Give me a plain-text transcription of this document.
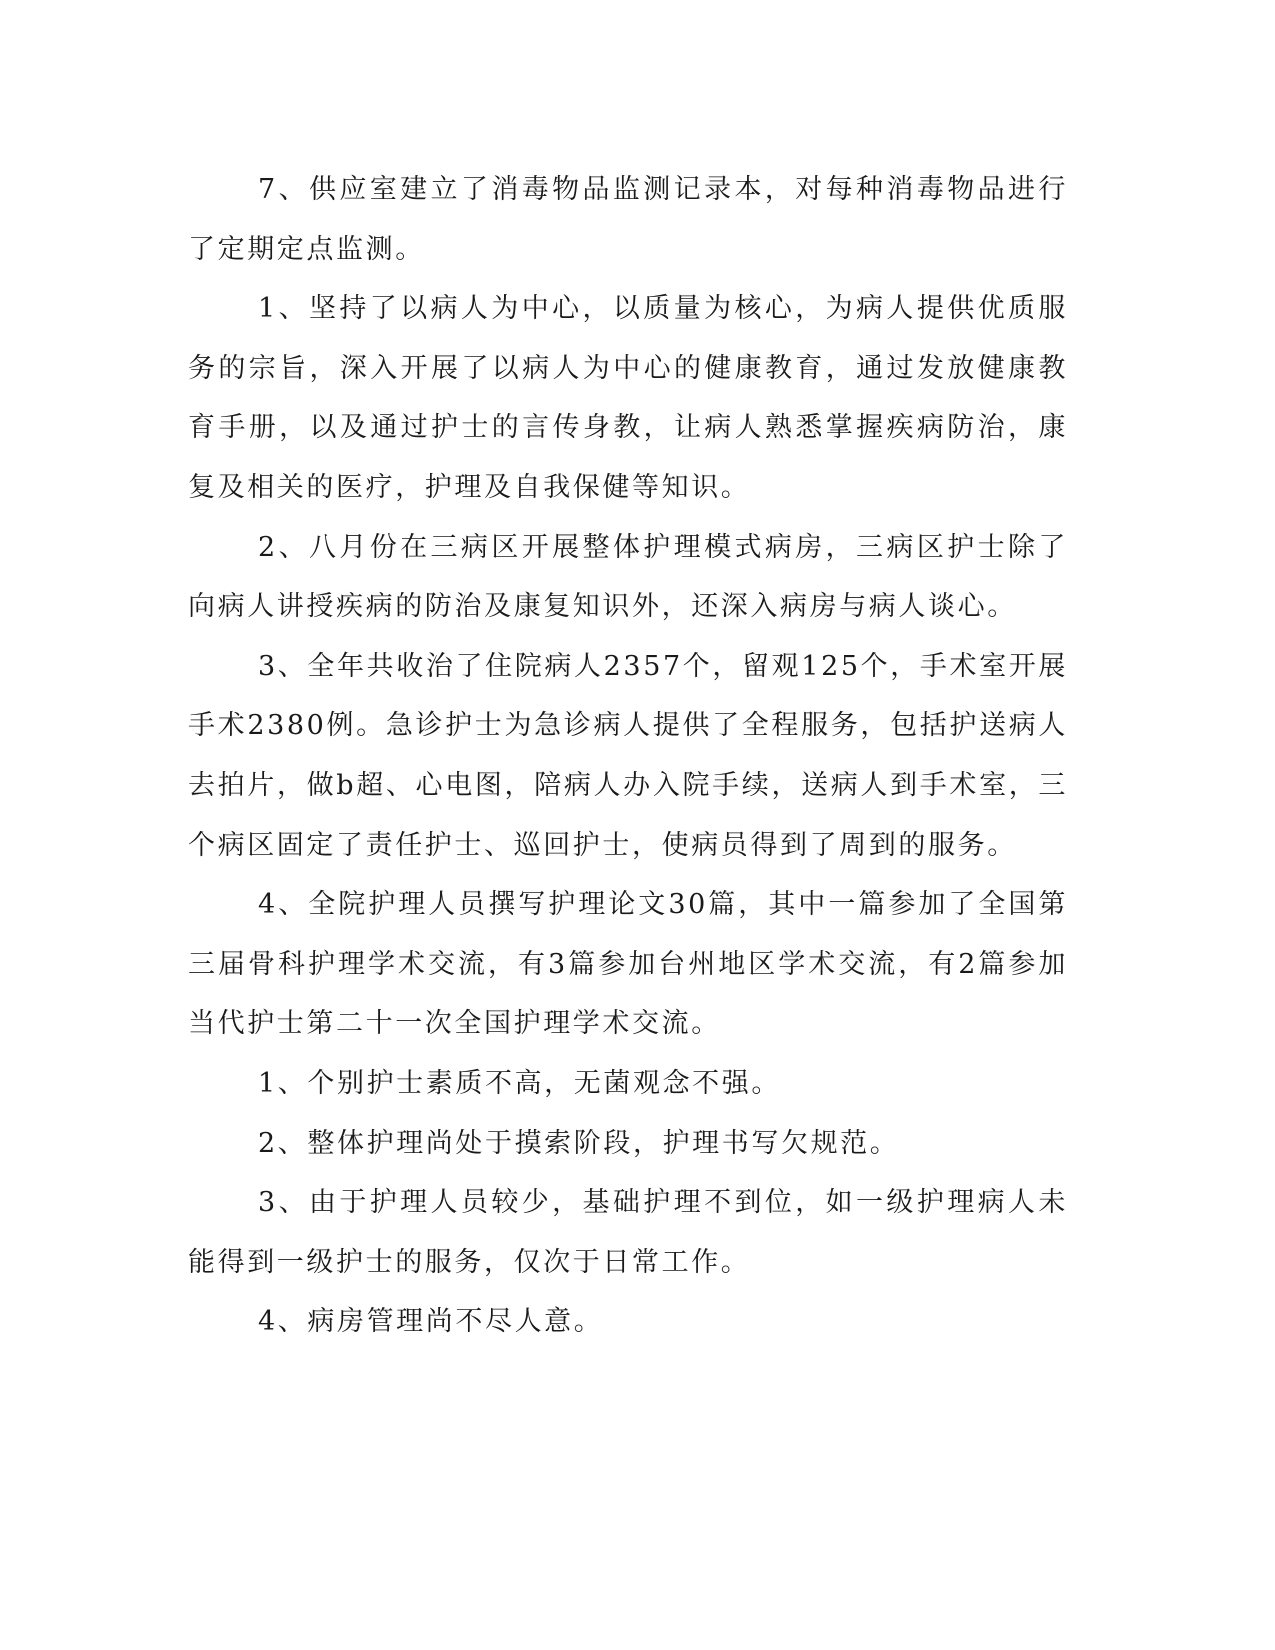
7、供应室建立了消毒物品监测记录本，对每种消毒物品进行了定期定点监测。

1、坚持了以病人为中心，以质量为核心，为病人提供优质服务的宗旨，深入开展了以病人为中心的健康教育，通过发放健康教育手册，以及通过护士的言传身教，让病人熟悉掌握疾病防治，康复及相关的医疗，护理及自我保健等知识。

2、八月份在三病区开展整体护理模式病房，三病区护士除了向病人讲授疾病的防治及康复知识外，还深入病房与病人谈心。

3、全年共收治了住院病人2357个，留观125个，手术室开展手术2380例。急诊护士为急诊病人提供了全程服务，包括护送病人去拍片，做b超、心电图，陪病人办入院手续，送病人到手术室，三个病区固定了责任护士、巡回护士，使病员得到了周到的服务。

4、全院护理人员撰写护理论文30篇，其中一篇参加了全国第三届骨科护理学术交流，有3篇参加台州地区学术交流，有2篇参加当代护士第二十一次全国护理学术交流。

1、个别护士素质不高，无菌观念不强。

2、整体护理尚处于摸索阶段，护理书写欠规范。

3、由于护理人员较少，基础护理不到位，如一级护理病人未能得到一级护士的服务，仅次于日常工作。

4、病房管理尚不尽人意。
